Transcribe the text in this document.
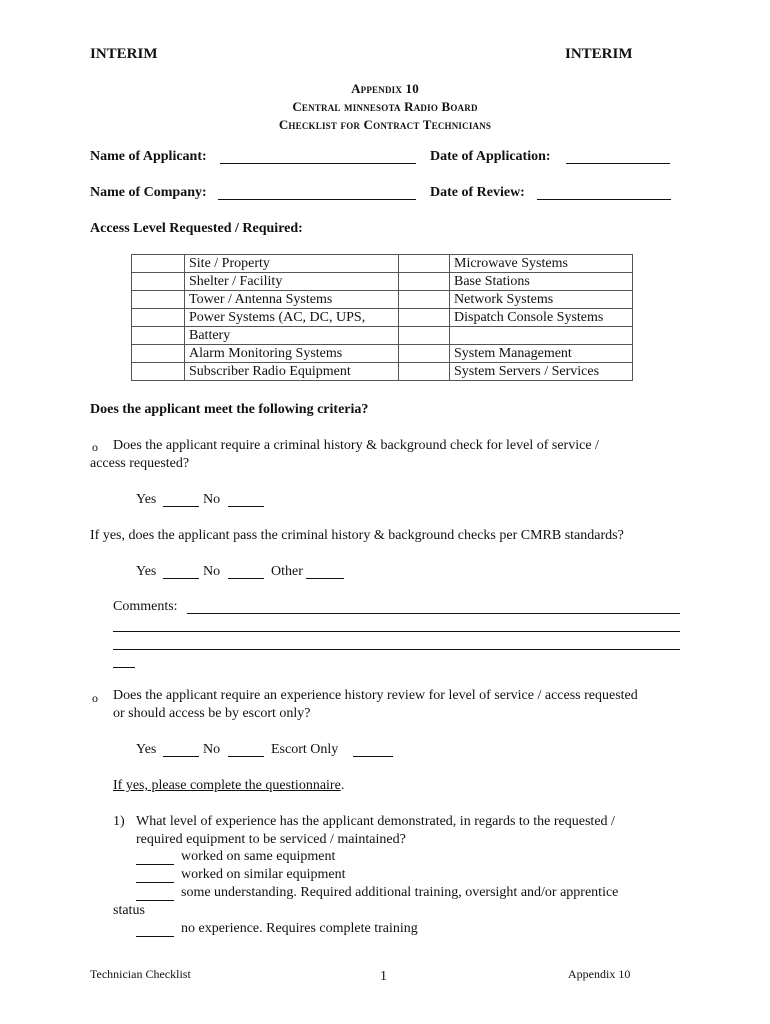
INTERIM	INTERIM
Appendix 10
Central minnesota Radio Board
Checklist for Contract Technicians
Name of Applicant:	Date of Application:
Name of Company:	Date of Review:
Access Level Requested / Required:
	Site / Property		Microwave Systems
	Shelter / Facility		Base Stations
	Tower / Antenna Systems		Network Systems
	Power Systems (AC, DC, UPS,		Dispatch Console Systems
	Battery		
	Alarm Monitoring Systems		System Management
	Subscriber Radio Equipment		System Servers / Services
Does the applicant meet the following criteria?
o Does the applicant require a criminal history & background check for level of service /
access requested?
Yes	No
If yes, does the applicant pass the criminal history & background checks per CMRB standards?
Yes	No	Other
Comments:
o Does the applicant require an experience history review for level of service / access requested
or should access be by escort only?
Yes	No	Escort Only
If yes, please complete the questionnaire.
1) What level of experience has the applicant demonstrated, in regards to the requested /
required equipment to be serviced / maintained?
worked on same equipment
worked on similar equipment
some understanding. Required additional training, oversight and/or apprentice
status
no experience. Requires complete training
Technician Checklist	1	Appendix 10
